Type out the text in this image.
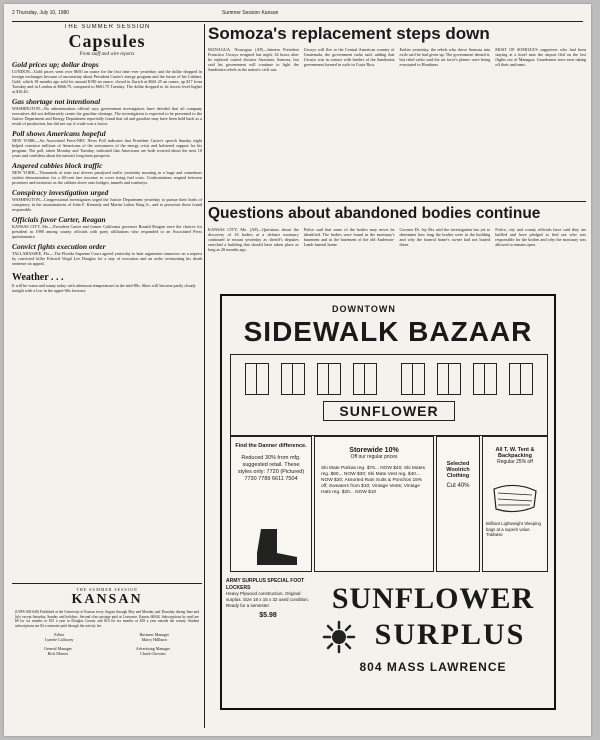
2 Thursday, July 10, 1980	Summer Session Kansan
THE SUMMER SESSION
Capsules
From staff and wire reports
Gold prices up; dollar drops

LONDON—Gold prices went over $650 an ounce for the first time ever yesterday and the dollar dropped in foreign exchanges because of uncertainty about President Carter's energy program and the future of his Cabinet. Gold, which 18 months ago sold for around $190 an ounce, closed in Zurich at $661.25 an ounce, up $17 from Tuesday and in London at $666.75, compared to $661.75 Tuesday. The dollar dropped to its lowest level higher at $16.40.

Gas shortage not intentional

WASHINGTON—No administration official says government investigators have decided that oil company executives did not deliberately create the gasoline shortage. The investigation is expected to be presented to the Justice Department and Energy Department reportedly found that oil and gasoline may have been held back as a result of production, but did not say if crude was a factor.

Poll shows Americans hopeful

NEW YORK—An Associated Press-NBC News Poll indicates that President Carter's speech Sunday night helped convince millions of Americans of the seriousness of the energy crisis and bolstered support for his program. The poll, taken Monday and Tuesday, indicated that Americans are both worried about the next 10 years and confident about the nation's long-term prospects.

Angered cabbies block traffic

NEW YORK—Thousands of irate taxi drivers paralyzed traffic yesterday morning in a huge and sometimes violent demonstration for a 40-cent fare increase to cover rising fuel costs. Confrontations erupted between protesters and motorists as the cabbies drove onto bridges, tunnels and roadways.

Conspiracy investigation urged

WASHINGTON—Congressional investigators urged the Justice Department yesterday to pursue their leads of conspiracy in the assassinations of John F. Kennedy and Martin Luther King Jr., and to prosecute those found responsible.

Officials favor Carter, Reagan

KANSAS CITY, Mo.—President Carter and former California governor Ronald Reagan were the choices for president in 1980 among county officials with party affiliations who responded to an Associated Press questionnaire.

Convict fights execution order

TALLAHASSEE, Fla.—The Florida Supreme Court agreed yesterday to hear arguments tomorrow on a request by convicted killer Edward Vergil Lee Douglas for a stay of execution and an order overturning his death sentence on appeal.

Weather . . .

It will be warm and sunny today with afternoon temperatures in the mid-80s. Skies will become partly cloudy tonight with a low in the upper-60s forecast.

THE SUMMER SESSION
KANSAN
(USPS 650-640) Published at the University of Kansas every August through May and Monday and Thursday during June and July except Saturday, Sunday and holidays. Second class postage paid at Lawrence, Kansas 66044. Subscriptions by mail are $8 for six months or $15 a year in Douglas County and $10 for six months or $18 a year outside the county. Student subscriptions are $2 a semester paid through the activity fee.
Editor
Lynette Calloway
Business Manager
Marcy Hillburn
General Manager
Rick Musser
Advertising Manager
Chuck Chowins
Somoza's replacement steps down

MANAGUA, Nicaragua (AP)—Interim President Francisco Urcuyo resigned last night, 34 hours after he replaced ousted dictator Anastasio Somoza, but said his government will continue to fight the Sandinista rebels in the nation's civil war.

Urcuyo will flee to the Central American country of Guatemala, the government radio said, adding that Urcuyo was in contact with leaders of the Sandinista government formed in exile in Costa Rica.

Earlier yesterday, the rebels who drove Somoza into exile said he had given up. The government denied it, but rebel radio said the air force's planes were being evacuated to Honduras.

MOST OF SOMOZA'S supporters who had been staying at a hotel near the airport fled on the last flights out of Managua. Guardsmen were seen taking off their uniforms.

Questions about abandoned bodies continue

KANSAS CITY, Mo. (AP)—Questions about the discovery of 16 bodies at a defunct mortuary continued to mount yesterday as sheriff's deputies searched a building that should have taken place as long as 20 months ago.

Police said that some of the bodies may never be identified. The bodies were found in the mortuary's basement and in the basement of the old Anderson-Lamb funeral home.

Coroner Dr. Jay Dix said the investigation has yet to determine how long the bodies were in the building and why the funeral home's owner had not buried them.

Police, city and county officials have said they are baffled and have pledged to find out who was responsible for the bodies and why the mortuary was allowed to remain open.

DOWNTOWN
SIDEWALK BAZAAR
SUNFLOWER
Find the Danner difference.
Reduced 30% from mfg. suggested retail. These styles only: 7720 (Pictured) 7730 7789 6611 7504
Storewide 10%
Off our regular prices
Ski Mate Parkas reg. $75... NOW $40; Ski Mates reg. $60... NOW $30; Ski Mate Vest reg. $40... NOW $20; Assorted Rain Suits & Ponchos 15% off; Sweaters from $10; Vintage Vests; Vintage Hats reg. $20... NOW $10
Selected Woolrich Clothing
Cut 40%
All T. W. Tent & Backpacking
Regular 25% off
Brilliant Lightweight Sleeping bags at a superb value. Trailwise
ARMY SURPLUS SPECIAL FOOT LOCKERS
Heavy Plywood construction. Original surplus. Size 18 x 15 x 32 used condition. Ready for a semester.
$5.98
SUNFLOWER
SURPLUS
804 MASS LAWRENCE
